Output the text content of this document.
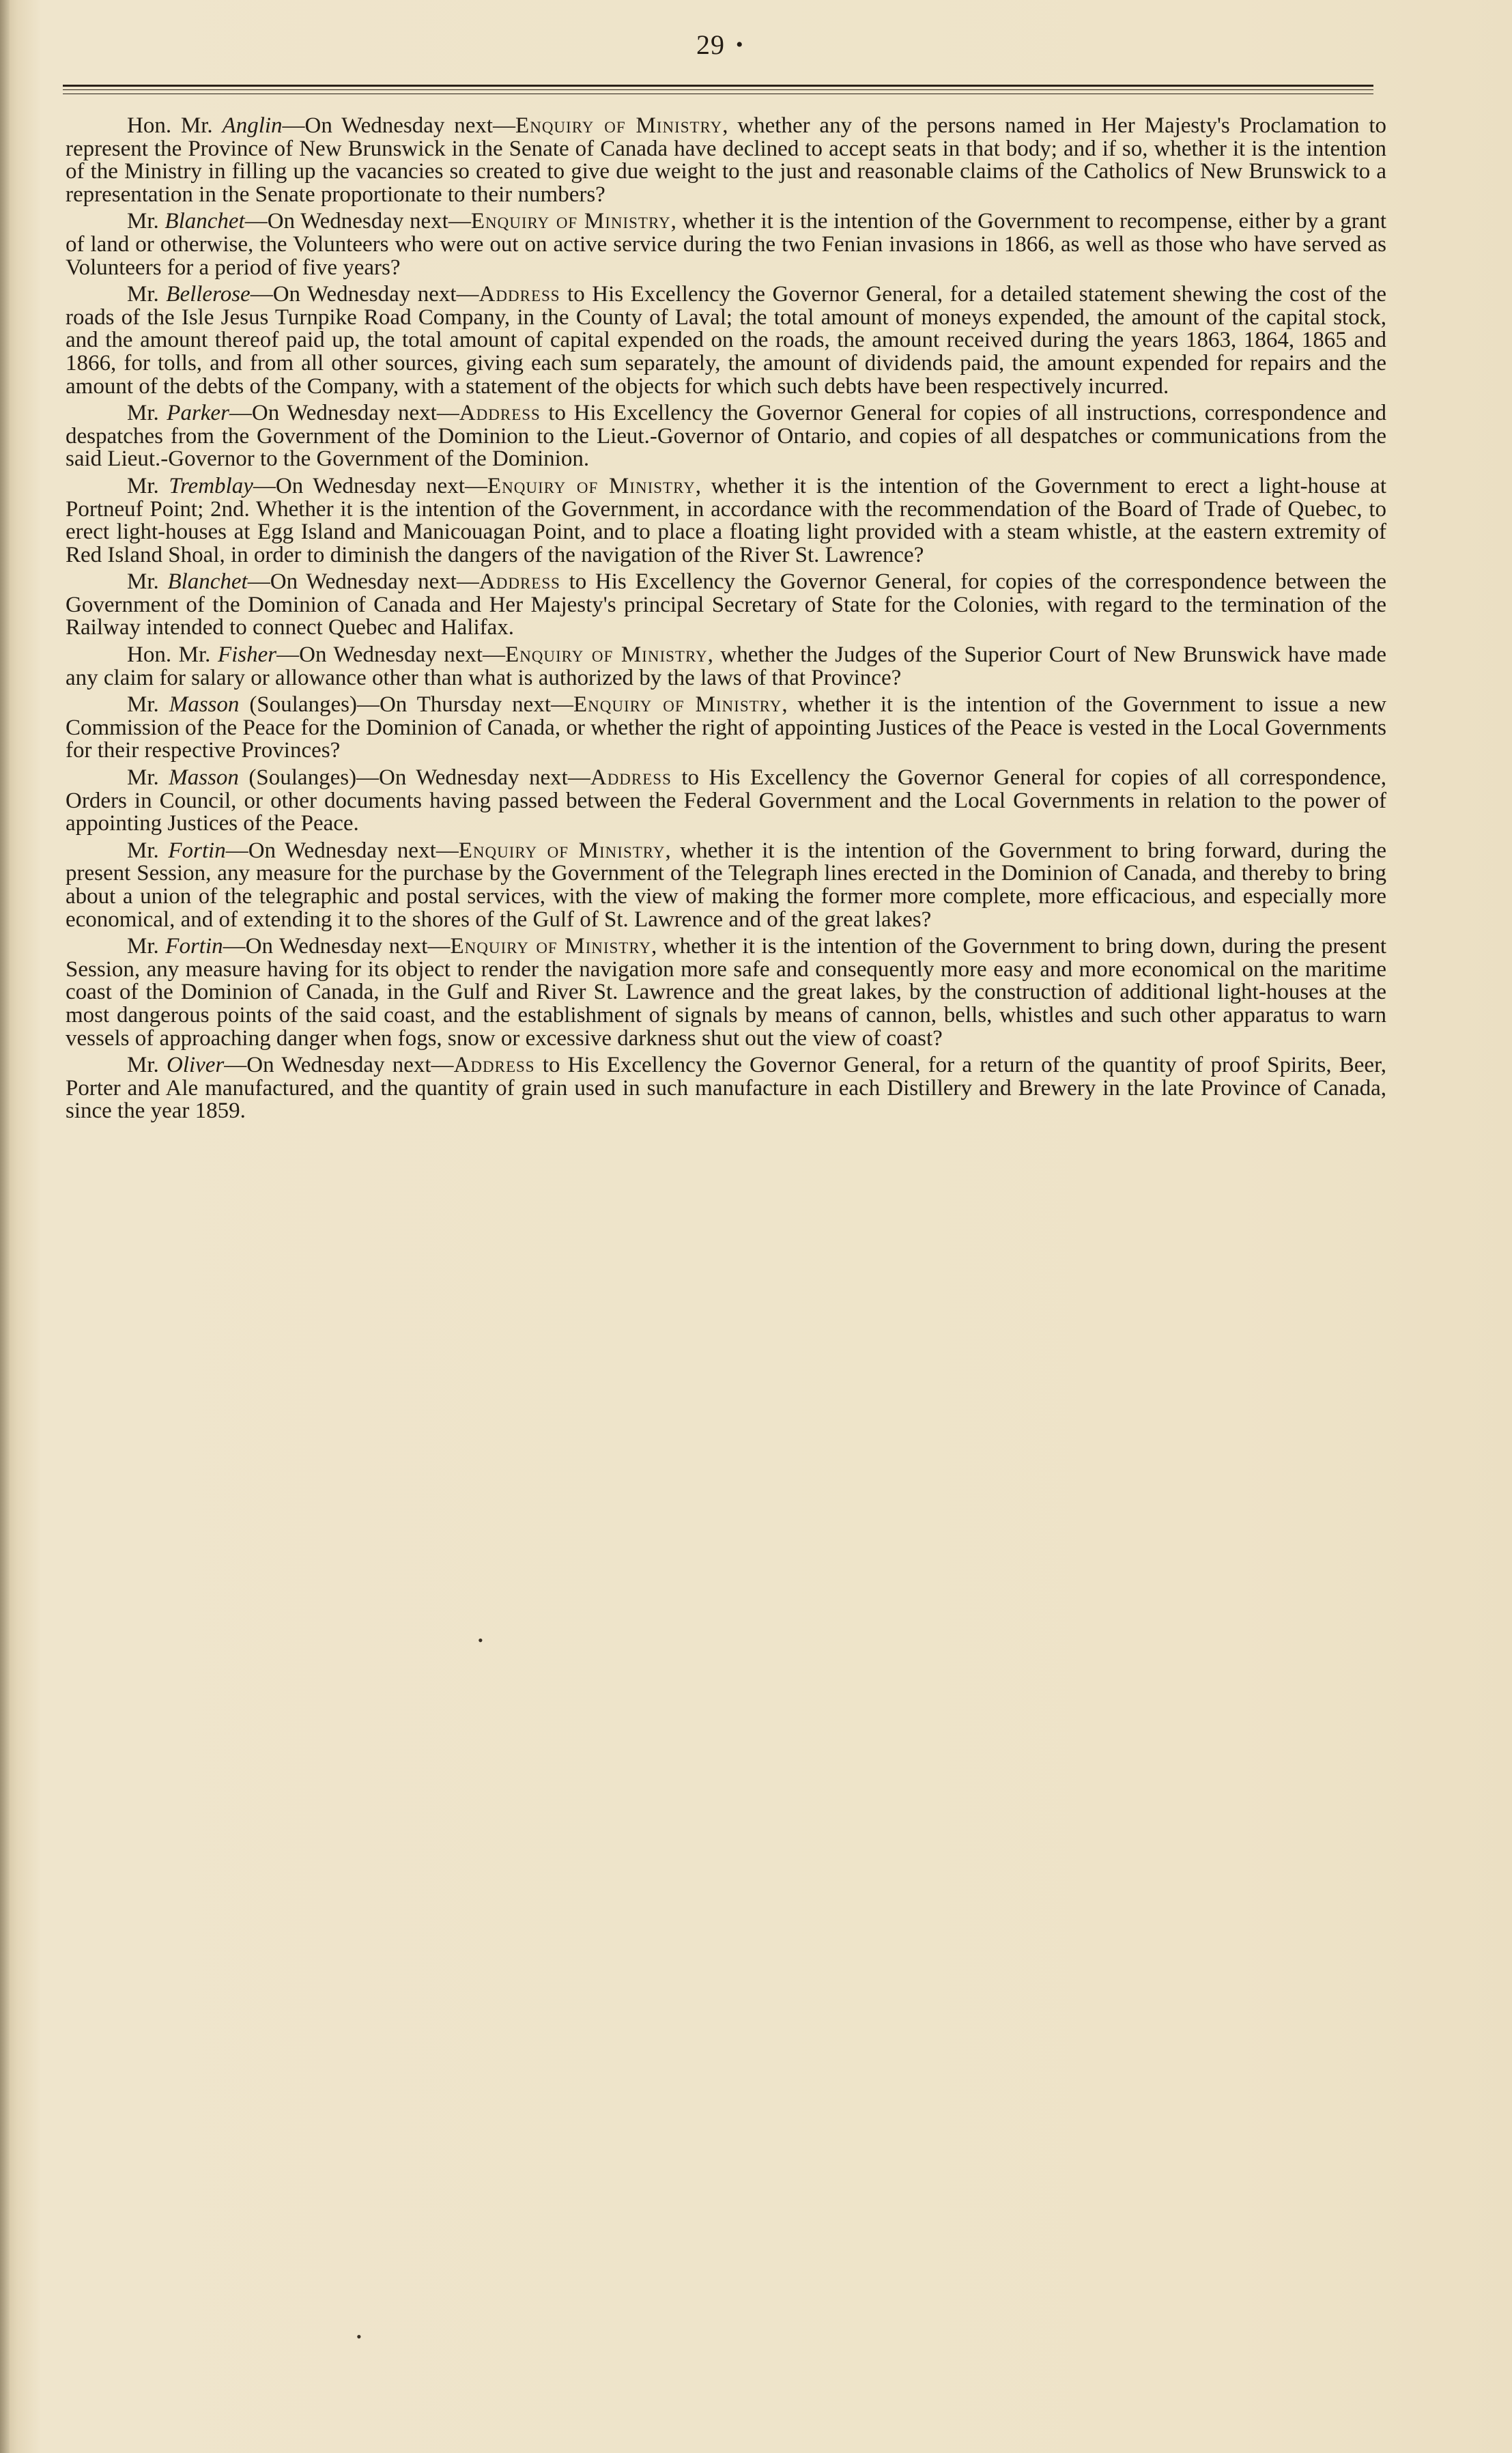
29 •

Hon. Mr. Anglin—On Wednesday next—Enquiry of Ministry, whether any of the persons named in Her Majesty's Proclamation to represent the Province of New Brunswick in the Senate of Canada have declined to accept seats in that body; and if so, whether it is the intention of the Ministry in filling up the vacancies so created to give due weight to the just and reasonable claims of the Catholics of New Brunswick to a representation in the Senate proportionate to their numbers?

Mr. Blanchet—On Wednesday next—Enquiry of Ministry, whether it is the intention of the Government to recompense, either by a grant of land or otherwise, the Volunteers who were out on active service during the two Fenian invasions in 1866, as well as those who have served as Volunteers for a period of five years?

Mr. Bellerose—On Wednesday next—Address to His Excellency the Governor General, for a detailed statement shewing the cost of the roads of the Isle Jesus Turnpike Road Company, in the County of Laval; the total amount of moneys expended, the amount of the capital stock, and the amount thereof paid up, the total amount of capital expended on the roads, the amount received during the years 1863, 1864, 1865 and 1866, for tolls, and from all other sources, giving each sum separately, the amount of dividends paid, the amount expended for repairs and the amount of the debts of the Company, with a statement of the objects for which such debts have been respectively incurred.

Mr. Parker—On Wednesday next—Address to His Excellency the Governor General for copies of all instructions, correspondence and despatches from the Government of the Dominion to the Lieut.-Governor of Ontario, and copies of all despatches or communications from the said Lieut.-Governor to the Government of the Dominion.

Mr. Tremblay—On Wednesday next—Enquiry of Ministry, whether it is the intention of the Government to erect a light-house at Portneuf Point; 2nd. Whether it is the intention of the Government, in accordance with the recommendation of the Board of Trade of Quebec, to erect light-houses at Egg Island and Manicouagan Point, and to place a floating light provided with a steam whistle, at the eastern extremity of Red Island Shoal, in order to diminish the dangers of the navigation of the River St. Lawrence?

Mr. Blanchet—On Wednesday next—Address to His Excellency the Governor General, for copies of the correspondence between the Government of the Dominion of Canada and Her Majesty's principal Secretary of State for the Colonies, with regard to the termination of the Railway intended to connect Quebec and Halifax.

Hon. Mr. Fisher—On Wednesday next—Enquiry of Ministry, whether the Judges of the Superior Court of New Brunswick have made any claim for salary or allowance other than what is authorized by the laws of that Province?

Mr. Masson (Soulanges)—On Thursday next—Enquiry of Ministry, whether it is the intention of the Government to issue a new Commission of the Peace for the Dominion of Canada, or whether the right of appointing Justices of the Peace is vested in the Local Governments for their respective Provinces?

Mr. Masson (Soulanges)—On Wednesday next—Address to His Excellency the Governor General for copies of all correspondence, Orders in Council, or other documents having passed between the Federal Government and the Local Governments in relation to the power of appointing Justices of the Peace.

Mr. Fortin—On Wednesday next—Enquiry of Ministry, whether it is the intention of the Government to bring forward, during the present Session, any measure for the purchase by the Government of the Telegraph lines erected in the Dominion of Canada, and thereby to bring about a union of the telegraphic and postal services, with the view of making the former more complete, more efficacious, and especially more economical, and of extending it to the shores of the Gulf of St. Lawrence and of the great lakes?

Mr. Fortin—On Wednesday next—Enquiry of Ministry, whether it is the intention of the Government to bring down, during the present Session, any measure having for its object to render the navigation more safe and consequently more easy and more economical on the maritime coast of the Dominion of Canada, in the Gulf and River St. Lawrence and the great lakes, by the construction of additional light-houses at the most dangerous points of the said coast, and the establishment of signals by means of cannon, bells, whistles and such other apparatus to warn vessels of approaching danger when fogs, snow or excessive darkness shut out the view of coast?

Mr. Oliver—On Wednesday next—Address to His Excellency the Governor General, for a return of the quantity of proof Spirits, Beer, Porter and Ale manufactured, and the quantity of grain used in such manufacture in each Distillery and Brewery in the late Province of Canada, since the year 1859.

•
•
